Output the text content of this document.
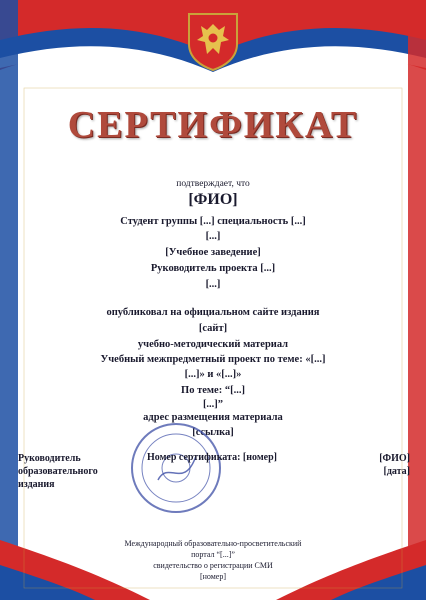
СЕРТИФИКАТ
подтверждает, что
[ФИО]
Студент группы [...] специальность [...]
[...]
[Учебное заведение]
Руководитель проекта [...]
[...]
опубликовал на официальном сайте издания
[сайт]
учебно-методический материал
Учебный межпредметный проект по теме: «[...]
[...]» и «[...]»
По теме: “[...]
[...]”
адрес размещения материала
[ссылка]
Руководитель
образовательного издания
Номер сертификата: [номер]	[ФИО]
[дата]
Международный образовательно-просветительский
портал “[...]”
свидетельство о регистрации СМИ
[номер]
